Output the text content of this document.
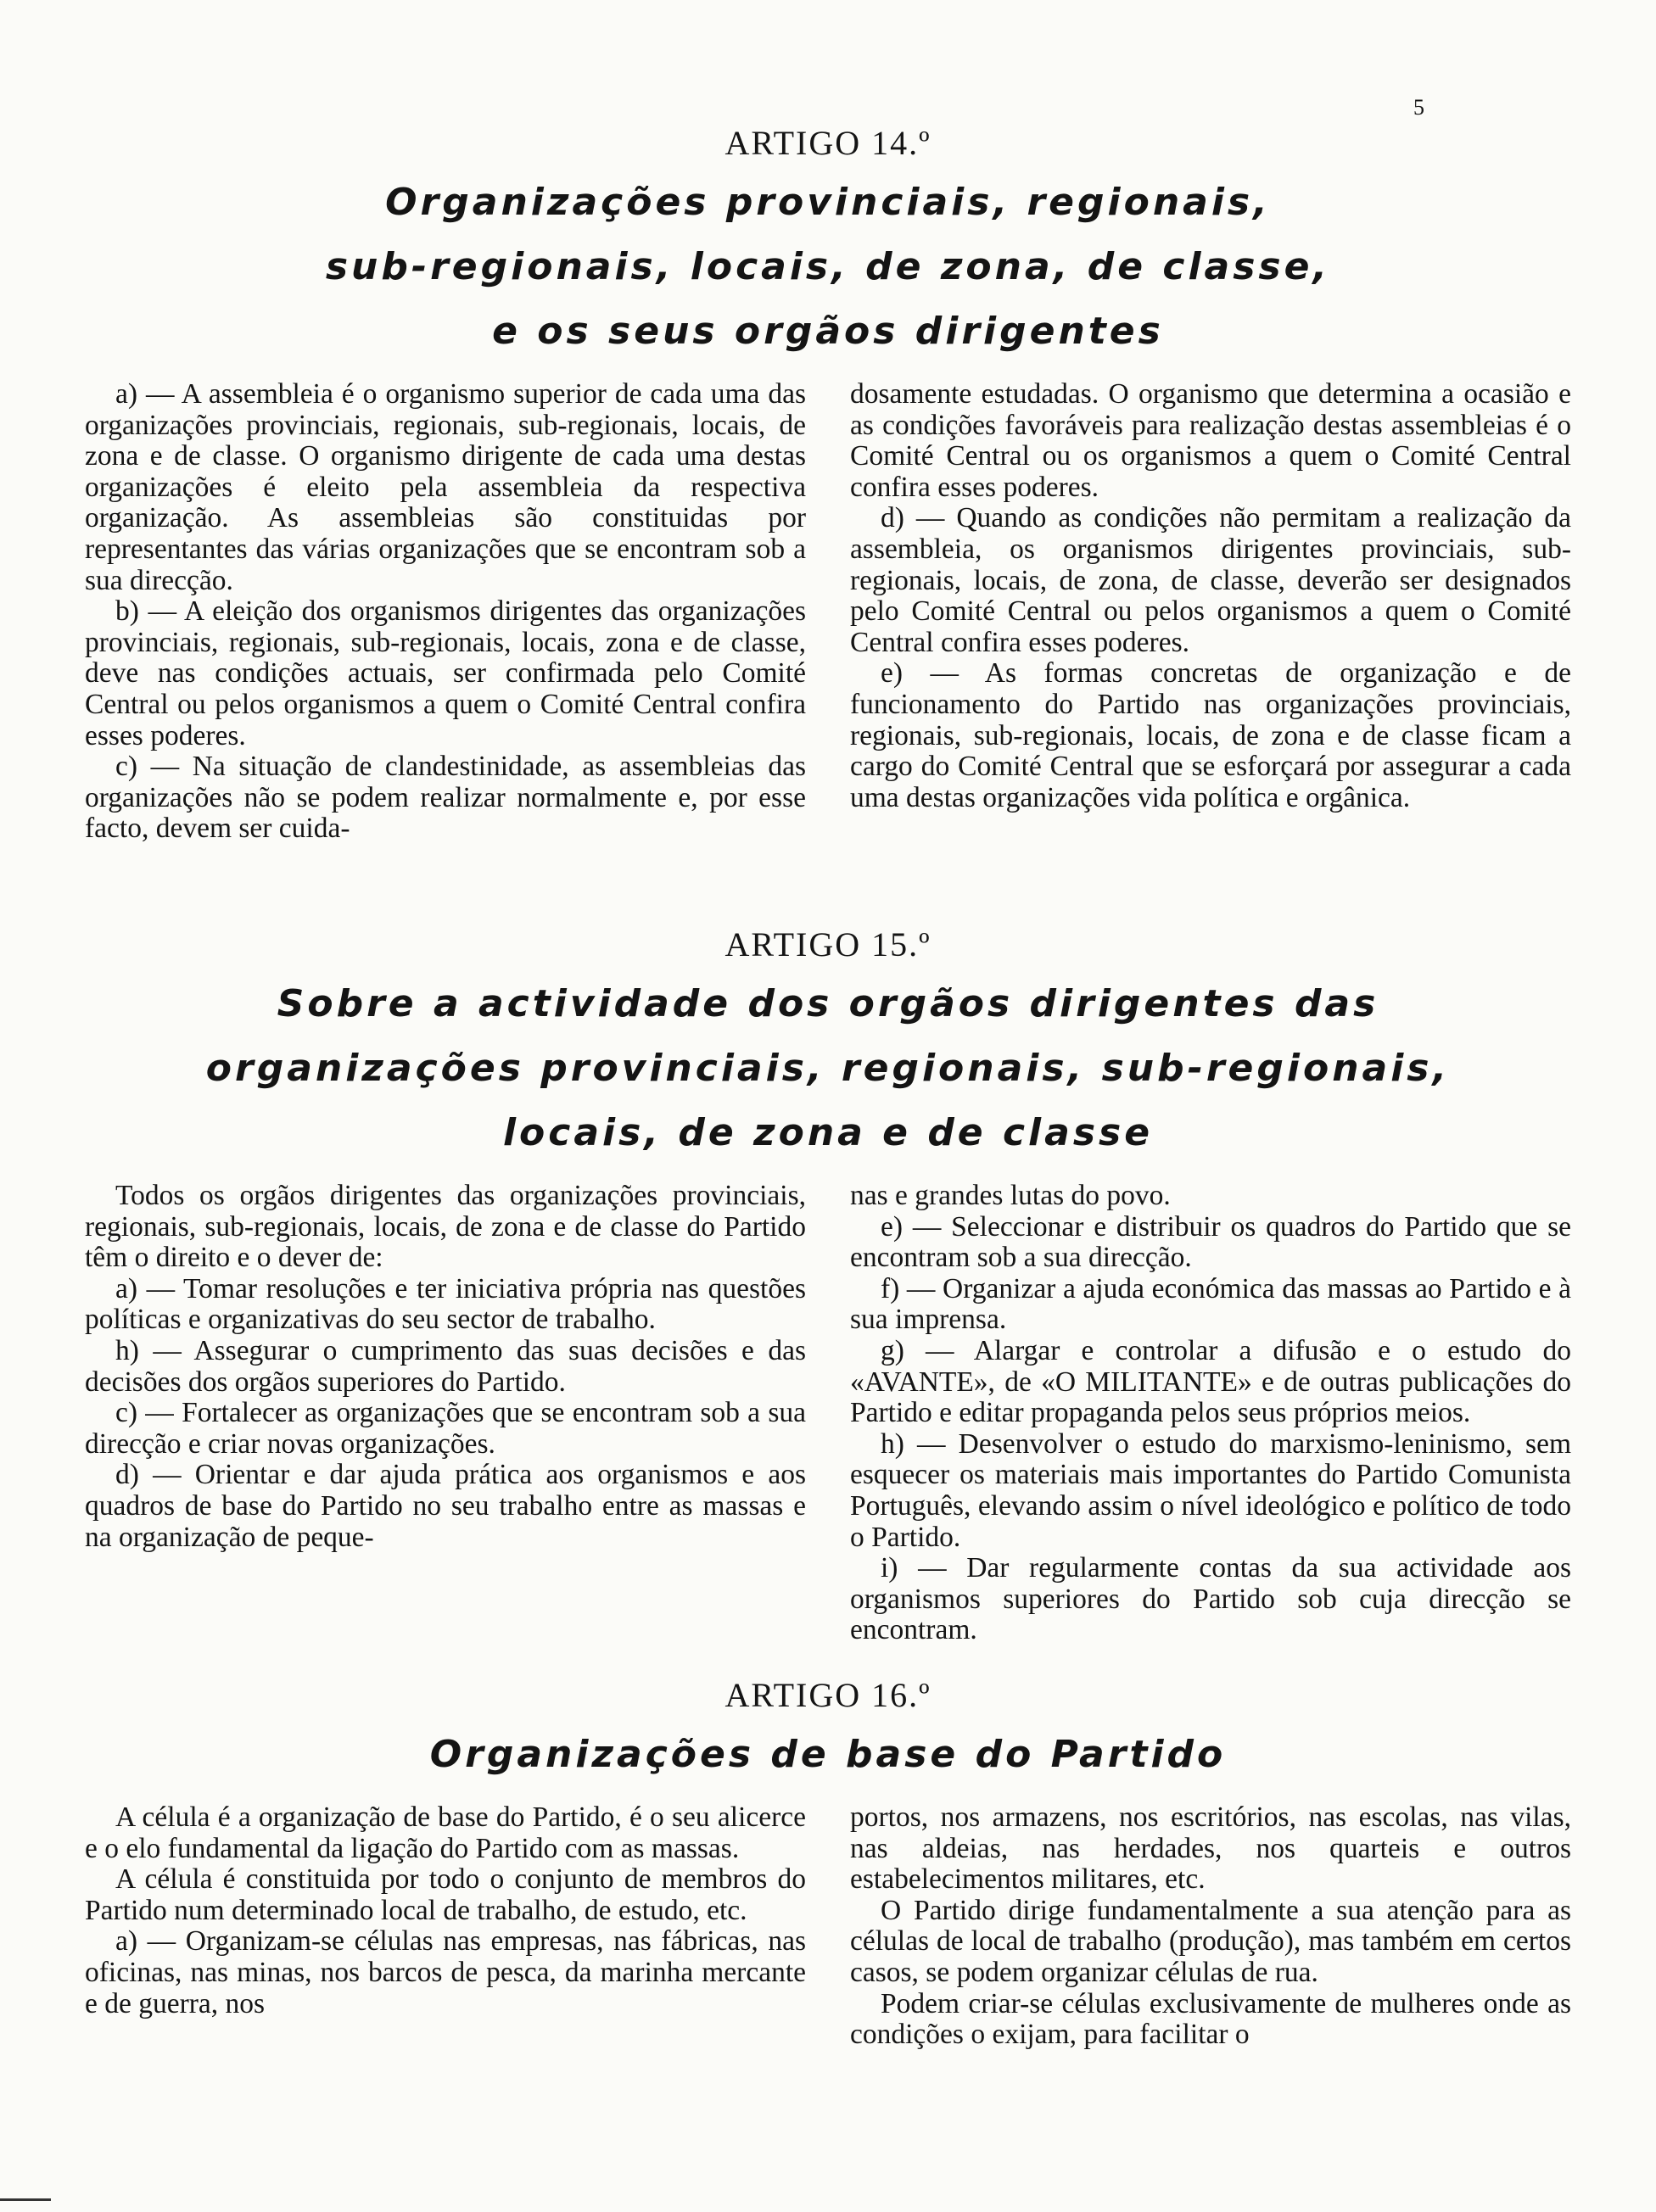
5
ARTIGO 14.º
Organizações provinciais, regionais,
sub-regionais, locais, de zona, de classe,
e os seus orgãos dirigentes

a) — A assembleia é o organismo superior de cada uma das organizações provinciais, regionais, sub-regionais, locais, de zona e de classe. O organismo dirigente de cada uma destas organizações é eleito pela assembleia da respectiva organização. As assembleias são constituidas por representantes das várias organizações que se encontram sob a sua direcção.

b) — A eleição dos organismos dirigentes das organizações provinciais, regionais, sub-regionais, locais, zona e de classe, deve nas condições actuais, ser confirmada pelo Comité Central ou pelos organismos a quem o Comité Central confira esses poderes.

c) — Na situação de clandestinidade, as assembleias das organizações não se podem realizar normalmente e, por esse facto, devem ser cuida-

dosamente estudadas. O organismo que determina a ocasião e as condições favoráveis para realização destas assembleias é o Comité Central ou os organismos a quem o Comité Central confira esses poderes.

d) — Quando as condições não permitam a realização da assembleia, os organismos dirigentes provinciais, sub-regionais, locais, de zona, de classe, deverão ser designados pelo Comité Central ou pelos organismos a quem o Comité Central confira esses poderes.

e) — As formas concretas de organização e de funcionamento do Partido nas organizações provinciais, regionais, sub-regionais, locais, de zona e de classe ficam a cargo do Comité Central que se esforçará por assegurar a cada uma destas organizações vida política e orgânica.

ARTIGO 15.º
Sobre a actividade dos orgãos dirigentes das
organizações provinciais, regionais, sub-regionais,
locais, de zona e de classe

Todos os orgãos dirigentes das organizações provinciais, regionais, sub-regionais, locais, de zona e de classe do Partido têm o direito e o dever de:

a) — Tomar resoluções e ter iniciativa própria nas questões políticas e organizativas do seu sector de trabalho.

h) — Assegurar o cumprimento das suas decisões e das decisões dos orgãos superiores do Partido.

c) — Fortalecer as organizações que se encontram sob a sua direcção e criar novas organizações.

d) — Orientar e dar ajuda prática aos organismos e aos quadros de base do Partido no seu trabalho entre as massas e na organização de peque-

nas e grandes lutas do povo.

e) — Seleccionar e distribuir os quadros do Partido que se encontram sob a sua direcção.

f) — Organizar a ajuda económica das massas ao Partido e à sua imprensa.

g) — Alargar e controlar a difusão e o estudo do «AVANTE», de «O MILITANTE» e de outras publicações do Partido e editar propaganda pelos seus próprios meios.

h) — Desenvolver o estudo do marxismo-leninismo, sem esquecer os materiais mais importantes do Partido Comunista Português, elevando assim o nível ideológico e político de todo o Partido.

i) — Dar regularmente contas da sua actividade aos organismos superiores do Partido sob cuja direcção se encontram.

ARTIGO 16.º
Organizações de base do Partido

A célula é a organização de base do Partido, é o seu alicerce e o elo fundamental da ligação do Partido com as massas.

A célula é constituida por todo o conjunto de membros do Partido num determinado local de trabalho, de estudo, etc.

a) — Organizam-se células nas empresas, nas fábricas, nas oficinas, nas minas, nos barcos de pesca, da marinha mercante e de guerra, nos

portos, nos armazens, nos escritórios, nas escolas, nas vilas, nas aldeias, nas herdades, nos quarteis e outros estabelecimentos militares, etc.

O Partido dirige fundamentalmente a sua atenção para as células de local de trabalho (produção), mas também em certos casos, se podem organizar células de rua.

Podem criar-se células exclusivamente de mulheres onde as condições o exijam, para facilitar o
